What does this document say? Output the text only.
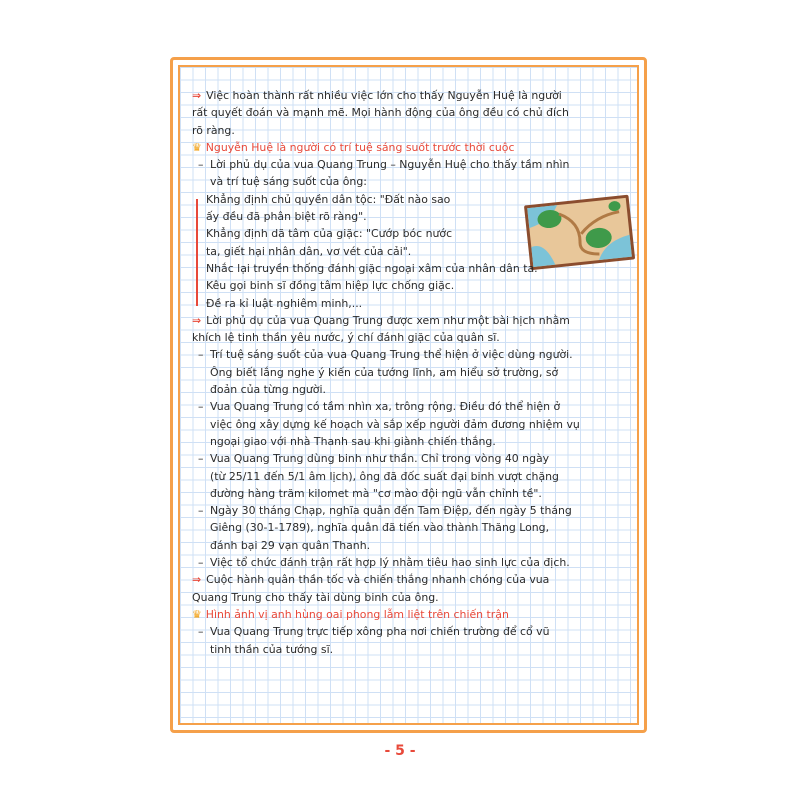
⇒ Việc hoàn thành rất nhiều việc lớn cho thấy Nguyễn Huệ là người

rất quyết đoán và mạnh mẽ. Mọi hành động của ông đều có chủ đích

rõ ràng.

♛ Nguyễn Huệ là người có trí tuệ sáng suốt trước thời cuộc

– Lời phủ dụ của vua Quang Trung – Nguyễn Huệ cho thấy tầm nhìn

và trí tuệ sáng suốt của ông:

Khẳng định chủ quyền dân tộc: "Đất nào sao

ấy đều đã phân biệt rõ ràng".

Khẳng định dã tâm của giặc: "Cướp bóc nước

ta, giết hại nhân dân, vơ vét của cải".

Nhắc lại truyền thống đánh giặc ngoại xâm của nhân dân ta.

Kêu gọi binh sĩ đồng tâm hiệp lực chống giặc.

Đề ra kỉ luật nghiêm minh,...

⇒ Lời phủ dụ của vua Quang Trung được xem như một bài hịch nhằm

khích lệ tinh thần yêu nước, ý chí đánh giặc của quân sĩ.

– Trí tuệ sáng suốt của vua Quang Trung thể hiện ở việc dùng người.

Ông biết lắng nghe ý kiến của tướng lĩnh, am hiểu sở trường, sở

đoản của từng người.

– Vua Quang Trung có tầm nhìn xa, trông rộng. Điều đó thể hiện ở

việc ông xây dựng kế hoạch và sắp xếp người đảm đương nhiệm vụ

ngoại giao với nhà Thanh sau khi giành chiến thắng.

– Vua Quang Trung dùng binh như thần. Chỉ trong vòng 40 ngày

(từ 25/11 đến 5/1 âm lịch), ông đã đốc suất đại binh vượt chặng

đường hàng trăm kilomet mà "cơ mào đội ngũ vẫn chỉnh tề".

– Ngày 30 tháng Chạp, nghĩa quân đến Tam Điệp, đến ngày 5 tháng

Giêng (30-1-1789), nghĩa quân đã tiến vào thành Thăng Long,

đánh bại 29 vạn quân Thanh.

– Việc tổ chức đánh trận rất hợp lý nhằm tiêu hao sinh lực của địch.

⇒ Cuộc hành quân thần tốc và chiến thắng nhanh chóng của vua

Quang Trung cho thấy tài dùng binh của ông.

♛ Hình ảnh vị anh hùng oai phong lẫm liệt trên chiến trận

– Vua Quang Trung trực tiếp xông pha nơi chiến trường để cổ vũ

tinh thần của tướng sĩ.

- 5 -
